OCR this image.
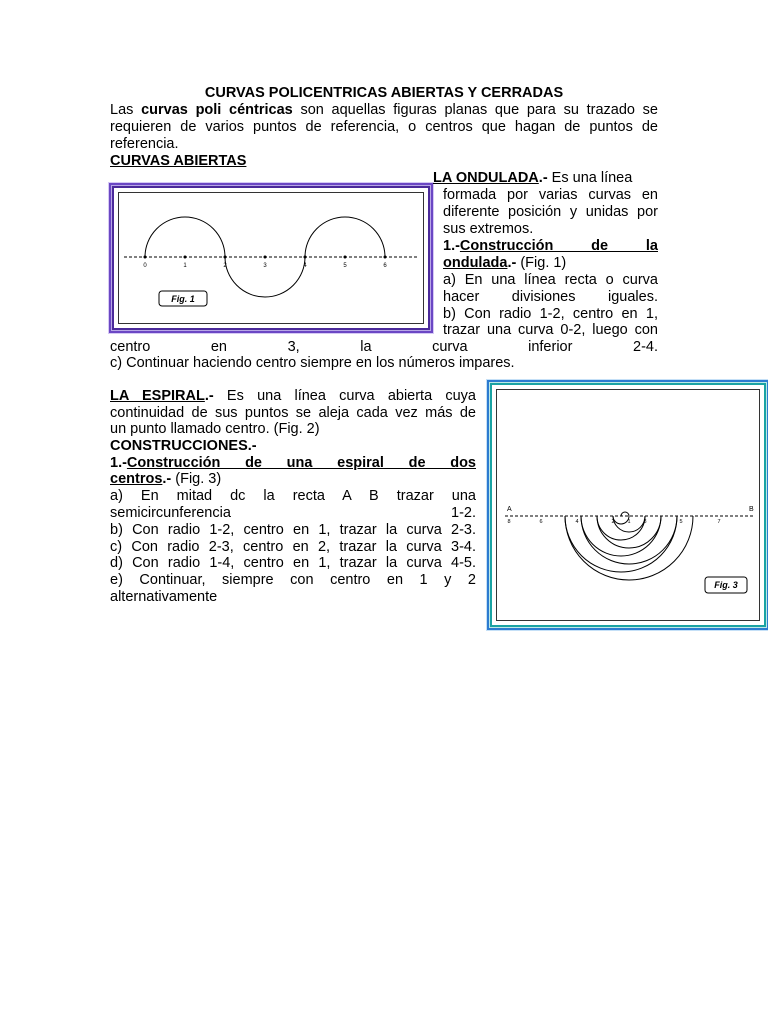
CURVAS POLICENTRICAS ABIERTAS Y CERRADAS
Las curvas poli céntricas son aquellas figuras planas que para su trazado se
requieren de varios puntos de referencia, o centros que hagan de puntos de
referencia.
CURVAS ABIERTAS
0	1	2	3	4	5	6
Fig. 1
LA ONDULADA.- Es una línea
formada por varias curvas en
diferente posición y unidas por
sus extremos.
1.-Construcción de la
ondulada.- (Fig. 1)
a) En una línea recta o curva
hacer divisiones iguales.
b) Con radio 1-2, centro en 1,
trazar una curva 0-2, luego con
centro en 3, la curva inferior 2-4.
c) Continuar haciendo centro siempre en los números impares.
LA ESPIRAL.- Es una línea curva abierta cuya
continuidad de sus puntos se aleja cada vez más de
un punto llamado centro. (Fig. 2)
CONSTRUCCIONES.-
1.-Construcción de una espiral de dos
centros.- (Fig. 3)
a) En mitad dc la recta A B trazar una
semicircunferencia 1-2.
b) Con radio 1-2, centro en 1, trazar la curva 2-3.
c) Con radio 2-3, centro en 2, trazar la curva 3-4.
d) Con radio 1-4, centro en 1, trazar la curva 4-5.
e) Continuar, siempre con centro en 1 y 2
alternativamente
8	6	4	2 1 3	5	7
A	B
Fig. 3
